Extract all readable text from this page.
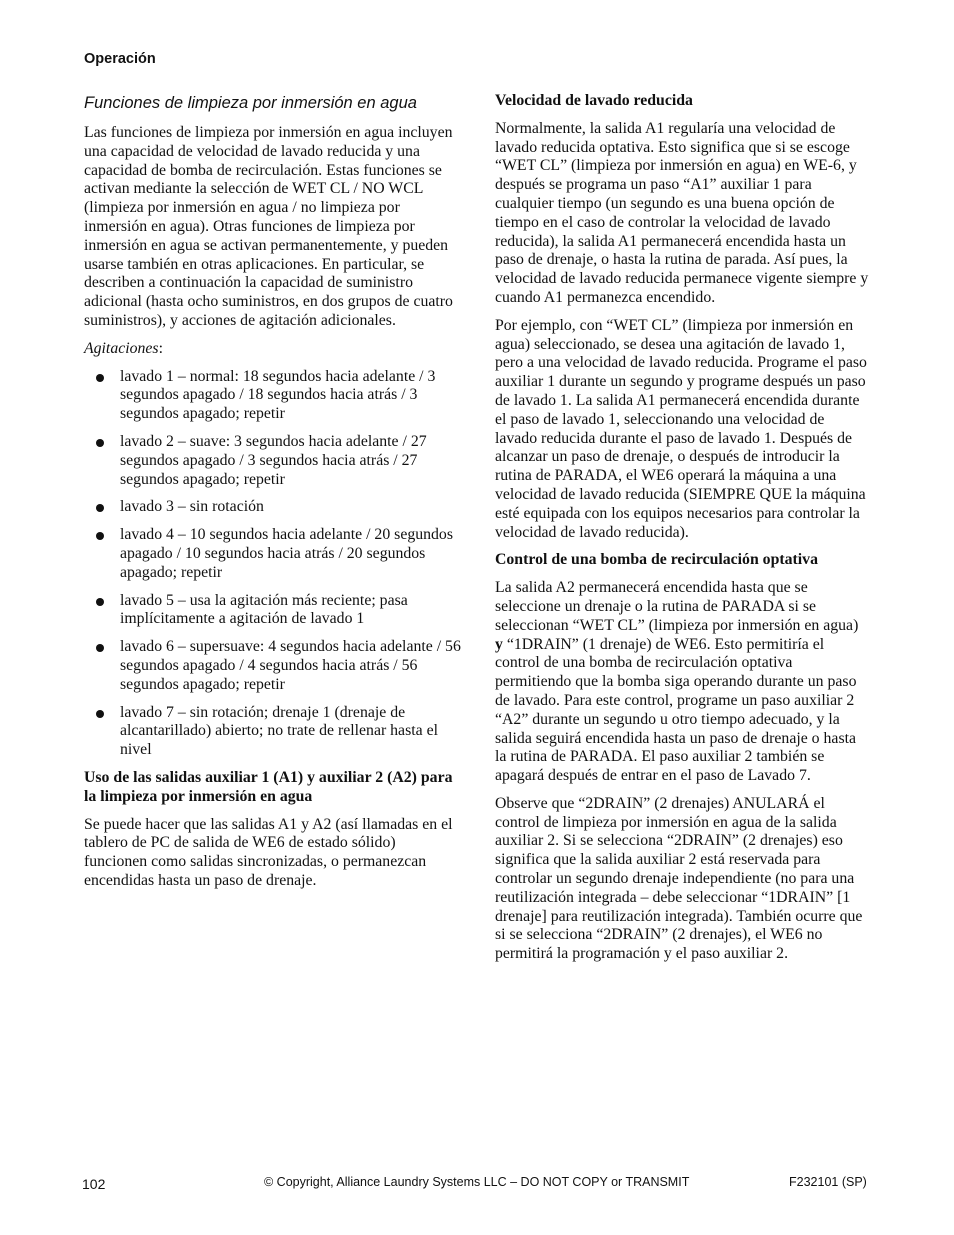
Operación
Funciones de limpieza por inmersión en agua

Las funciones de limpieza por inmersión en agua incluyen una capacidad de velocidad de lavado reducida y una capacidad de bomba de recirculación. Estas funciones se activan mediante la selección de WET CL / NO WCL (limpieza por inmersión en agua / no limpieza por inmersión en agua). Otras funciones de limpieza por inmersión en agua se activan permanentemente, y pueden usarse también en otras aplicaciones. En particular, se describen a continuación la capacidad de suministro adicional (hasta ocho suministros, en dos grupos de cuatro suministros), y acciones de agitación adicionales.

Agitaciones:
lavado 1 – normal: 18 segundos hacia adelante / 3 segundos apagado / 18 segundos hacia atrás / 3 segundos apagado; repetir
lavado 2 – suave: 3 segundos hacia adelante / 27 segundos apagado / 3 segundos hacia atrás / 27 segundos apagado; repetir
lavado 3 – sin rotación
lavado 4 – 10 segundos hacia adelante / 20 segundos apagado / 10 segundos hacia atrás / 20 segundos apagado; repetir
lavado 5 – usa la agitación más reciente; pasa implícitamente a agitación de lavado 1
lavado 6 – supersuave: 4 segundos hacia adelante / 56 segundos apagado / 4 segundos hacia atrás / 56 segundos apagado; repetir
lavado 7 – sin rotación; drenaje 1 (drenaje de alcantarillado) abierto; no trate de rellenar hasta el nivel
Uso de las salidas auxiliar 1 (A1) y auxiliar 2 (A2) para la limpieza por inmersión en agua

Se puede hacer que las salidas A1 y A2 (así llamadas en el tablero de PC de salida de WE6 de estado sólido) funcionen como salidas sincronizadas, o permanezcan encendidas hasta un paso de drenaje.

Velocidad de lavado reducida

Normalmente, la salida A1 regularía una velocidad de lavado reducida optativa. Esto significa que si se escoge “WET CL” (limpieza por inmersión en agua) en WE-6, y después se programa un paso “A1” auxiliar 1 para cualquier tiempo (un segundo es una buena opción de tiempo en el caso de controlar la velocidad de lavado reducida), la salida A1 permanecerá encendida hasta un paso de drenaje, o hasta la rutina de parada. Así pues, la velocidad de lavado reducida permanece vigente siempre y cuando A1 permanezca encendido.

Por ejemplo, con “WET CL” (limpieza por inmersión en agua) seleccionado, se desea una agitación de lavado 1, pero a una velocidad de lavado reducida. Programe el paso auxiliar 1 durante un segundo y programe después un paso de lavado 1. La salida A1 permanecerá encendida durante el paso de lavado 1, seleccionando una velocidad de lavado reducida durante el paso de lavado 1. Después de alcanzar un paso de drenaje, o después de introducir la rutina de PARADA, el WE6 operará la máquina a una velocidad de lavado reducida (SIEMPRE QUE la máquina esté equipada con los equipos necesarios para controlar la velocidad de lavado reducida).

Control de una bomba de recirculación optativa

La salida A2 permanecerá encendida hasta que se seleccione un drenaje o la rutina de PARADA si se seleccionan “WET CL” (limpieza por inmersión en agua) y “1DRAIN” (1 drenaje) de WE6. Esto permitiría el control de una bomba de recirculación optativa permitiendo que la bomba siga operando durante un paso de lavado. Para este control, programe un paso auxiliar 2 “A2” durante un segundo u otro tiempo adecuado, y la salida seguirá encendida hasta un paso de drenaje o hasta la rutina de PARADA. El paso auxiliar 2 también se apagará después de entrar en el paso de Lavado 7.

Observe que “2DRAIN” (2 drenajes) ANULARÁ el control de limpieza por inmersión en agua de la salida auxiliar 2. Si se selecciona “2DRAIN” (2 drenajes) eso significa que la salida auxiliar 2 está reservada para controlar un segundo drenaje independiente (no para una reutilización integrada – debe seleccionar “1DRAIN” [1 drenaje] para reutilización integrada). También ocurre que si se selecciona “2DRAIN” (2 drenajes), el WE6 no permitirá la programación y el paso auxiliar 2.

102	© Copyright, Alliance Laundry Systems LLC – DO NOT COPY or TRANSMIT	F232101 (SP)
